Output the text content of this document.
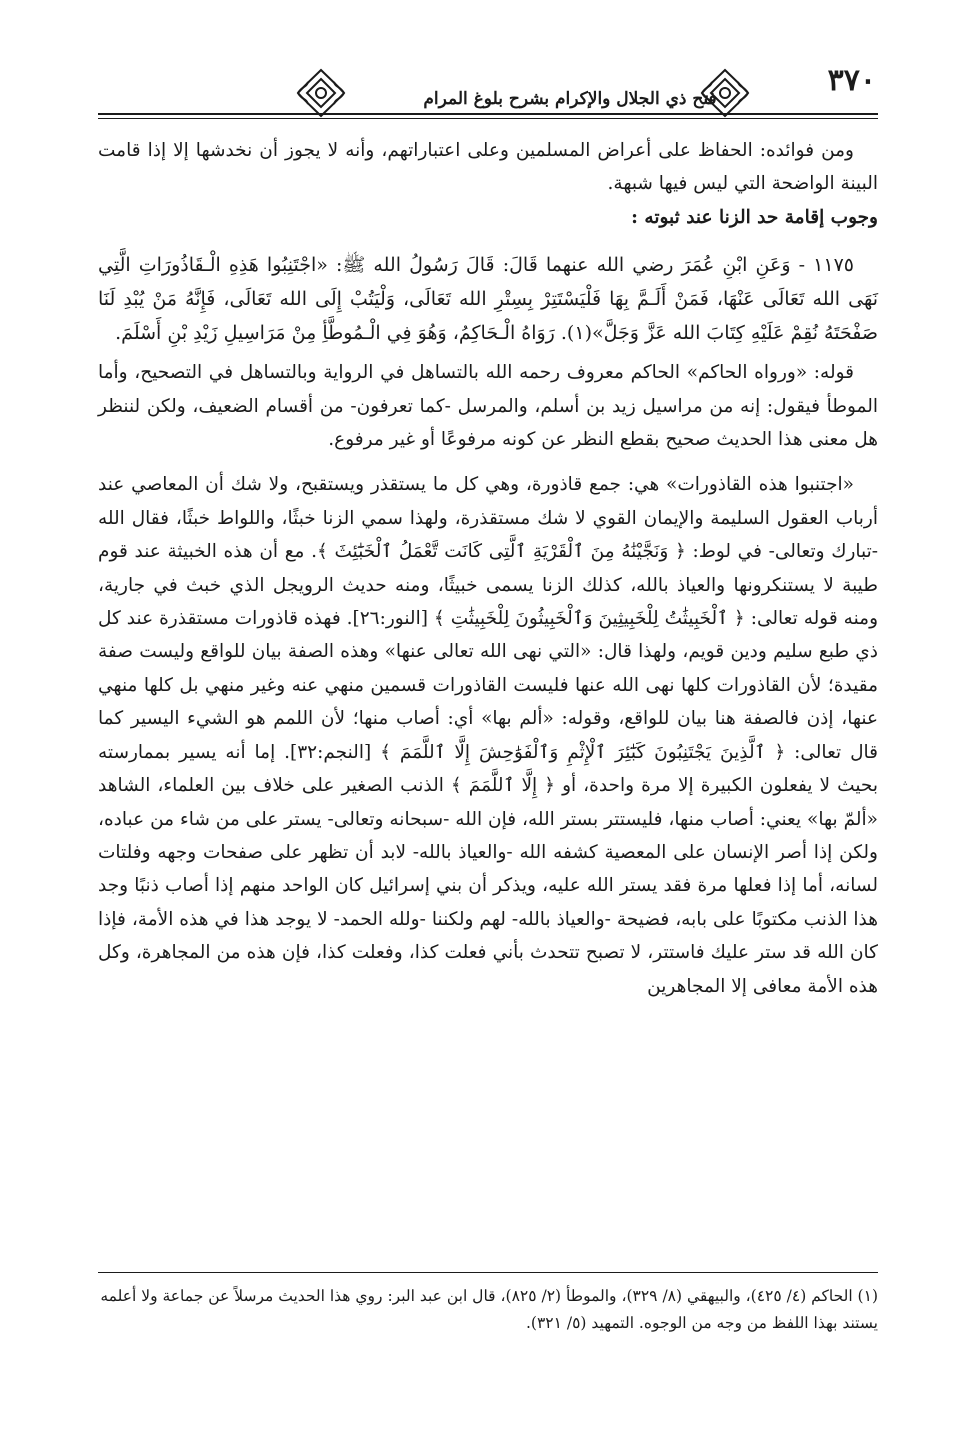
٣٧٠
فتح ذي الجلال والإكرام بشرح بلوغ المرام

ومن فوائده: الحفاظ على أعراض المسلمين وعلى اعتباراتهم، وأنه لا يجوز أن نخدشها إلا إذا قامت البينة الواضحة التي ليس فيها شبهة.

وجوب إقامة حد الزنا عند ثبوته :

١١٧٥ - وَعَنِ ابْنِ عُمَرَ رضي الله عنهما قَالَ: قَالَ رَسُولُ الله ﷺ: «اجْتَنِبُوا هَذِهِ الْـقَاذُورَاتِ الَّتِي نَهَى الله تَعَالَى عَنْهَا، فَمَنْ أَلَـمَّ بِهَا فَلْيَسْتَتِرْ بِسِتْرِ الله تَعَالَى، وَلْيَتُبْ إِلَى الله تَعَالَى، فَإِنَّهُ مَنْ يُبْدِ لَنَا صَفْحَتَهُ نُقِمْ عَلَيْهِ كِتَابَ الله عَزَّ وَجَلَّ»(١). رَوَاهُ الْـحَاكِمُ، وَهُوَ فِي الْـمُوطَّأِ مِنْ مَرَاسِيلِ زَيْدِ بْنِ أَسْلَمَ.

قوله: «ورواه الحاكم» الحاكم معروف رحمه الله بالتساهل في الرواية وبالتساهل في التصحيح، وأما الموطأ فيقول: إنه من مراسيل زيد بن أسلم، والمرسل -كما تعرفون- من أقسام الضعيف، ولكن لننظر هل معنى هذا الحديث صحيح بقطع النظر عن كونه مرفوعًا أو غير مرفوع.

«اجتنبوا هذه القاذورات» هي: جمع قاذورة، وهي كل ما يستقذر ويستقبح، ولا شك أن المعاصي عند أرباب العقول السليمة والإيمان القوي لا شك مستقذرة، ولهذا سمي الزنا خبثًا، واللواط خبثًا، فقال الله -تبارك وتعالى- في لوط: ﴿ وَنَجَّيْنَٰهُ مِنَ ٱلْقَرْيَةِ ٱلَّتِى كَانَت تَّعْمَلُ ٱلْخَبَٰٓئِثَ ﴾. مع أن هذه الخبيثة عند قوم طيبة لا يستنكرونها والعياذ بالله، كذلك الزنا يسمى خبيثًا، ومنه حديث الرويجل الذي خبث في جارية، ومنه قوله تعالى: ﴿ ٱلْخَبِيثَٰتُ لِلْخَبِيثِينَ وَٱلْخَبِيثُونَ لِلْخَبِيثَٰتِ ﴾ [النور:٢٦]. فهذه قاذورات مستقذرة عند كل ذي طبع سليم ودين قويم، ولهذا قال: «التي نهى الله تعالى عنها» وهذه الصفة بيان للواقع وليست صفة مقيدة؛ لأن القاذورات كلها نهى الله عنها فليست القاذورات قسمين منهي عنه وغير منهي بل كلها منهي عنها، إذن فالصفة هنا بيان للواقع، وقوله: «ألم بها» أي: أصاب منها؛ لأن اللمم هو الشيء اليسير كما قال تعالى: ﴿ ٱلَّذِينَ يَجْتَنِبُونَ كَبَٰٓئِرَ ٱلْإِثْمِ وَٱلْفَوَٰحِشَ إِلَّا ٱللَّمَمَ ﴾ [النجم:٣٢]. إما أنه يسير بممارسته بحيث لا يفعلون الكبيرة إلا مرة واحدة، أو ﴿ إِلَّا ٱللَّمَمَ ﴾ الذنب الصغير على خلاف بين العلماء، الشاهد «ألمّ بها» يعني: أصاب منها، فليستتر بستر الله، فإن الله -سبحانه وتعالى- يستر على من شاء من عباده، ولكن إذا أصر الإنسان على المعصية كشفه الله -والعياذ بالله- لابد أن تظهر على صفحات وجهه وفلتات لسانه، أما إذا فعلها مرة فقد يستر الله عليه، ويذكر أن بني إسرائيل كان الواحد منهم إذا أصاب ذنبًا وجد هذا الذنب مكتوبًا على بابه، فضيحة -والعياذ بالله- لهم ولكننا -ولله الحمد- لا يوجد هذا في هذه الأمة، فإذا كان الله قد ستر عليك فاستتر، لا تصبح تتحدث بأني فعلت كذا، وفعلت كذا، فإن هذه من المجاهرة، وكل هذه الأمة معافى إلا المجاهرين

(١) الحاكم (٤/ ٤٢٥)، والبيهقي (٨/ ٣٢٩)، والموطأ (٢/ ٨٢٥)، قال ابن عبد البر: روي هذا الحديث مرسلاً عن جماعة ولا أعلمه يستند بهذا اللفظ من وجه من الوجوه. التمهيد (٥/ ٣٢١).
